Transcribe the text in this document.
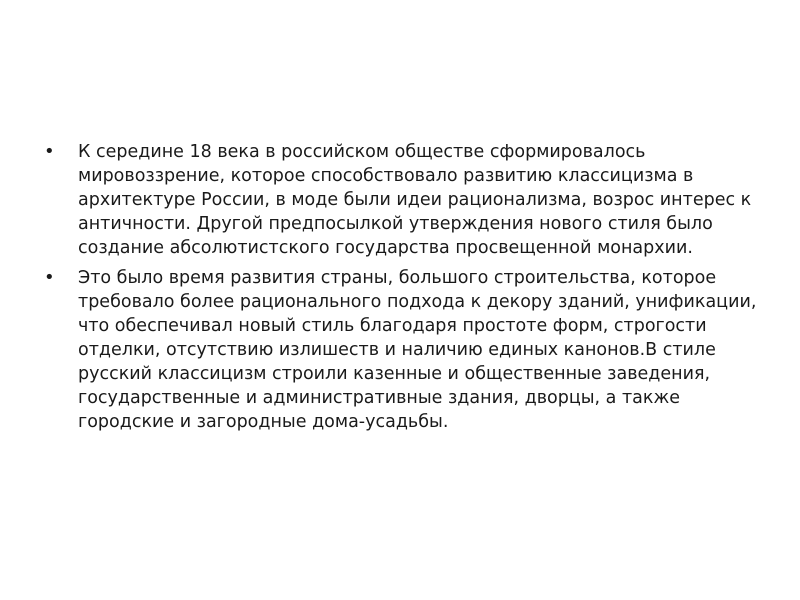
•	К середине 18 века в российском обществе сформировалось мировоззрение, которое способствовало развитию классицизма в архитектуре России, в моде были идеи рационализма, возрос интерес к античности. Другой предпосылкой утверждения нового стиля было создание абсолютистского государства просвещенной монархии.
•	Это было время развития страны, большого строительства, которое требовало более рационального подхода к декору зданий, унификации, что обеспечивал новый стиль благодаря простоте форм, строгости отделки, отсутствию излишеств и наличию единых канонов.В стиле русский классицизм строили казенные и общественные заведения, государственные и административные здания, дворцы, а также городские и загородные дома-усадьбы.
